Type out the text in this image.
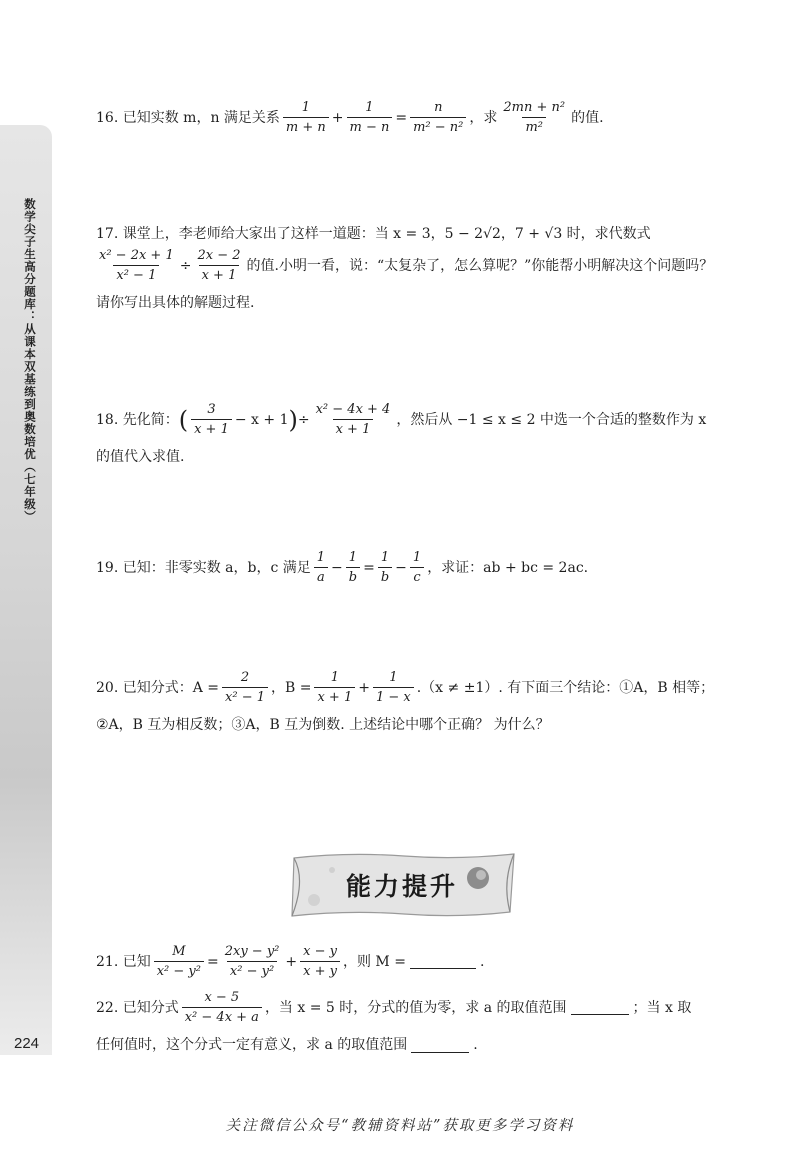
数学尖子生高分题库：从课本双基练到奥数培优（七年级）
224
16. 已知实数 m，n 满足关系 $\frac{1}{m + n} + \frac{1}{m - n} = \frac{n}{\text{m² − n²}}$ ，求 $\frac{\text{2mn + n²}}{\text{m²}}$ 的值.
17. 课堂上，李老师给大家出了这样一道题：当 x = 3，5 − 2√2，7 + √3 时，求代数式
$\frac{\text{x² − 2x + 1}}{\text{x² − 1}} \div \frac{2x - 2}{x + 1}$ 的值.小明一看，说：“太复杂了，怎么算呢？”你能帮小明解决这个问题吗？
请你写出具体的解题过程.
18. 先化简： ( $\frac{3}{x + 1} - x + 1$ ) ÷ $\frac{\text{x² − 4x + 4}}{x + 1}$ ，然后从 −1 ≤ x ≤ 2 中选一个合适的整数作为 x
的值代入求值.
19. 已知：非零实数 a，b，c 满足 $\frac{1}{a} - \frac{1}{b} = \frac{1}{b} - \frac{1}{c}$ ，求证：ab + bc = 2ac.
20. 已知分式：$A = \frac{2}{\text{x² − 1}}$ ，$B = \frac{1}{x + 1} + \frac{1}{1 - x} .(x \ne \pm 1)$. 有下面三个结论：①A，B 相等；
②A，B 互为相反数；③A，B 互为倒数. 上述结论中哪个正确？ 为什么？
能力提升
21. 已知 $\frac{M}{\text{x² − y²}} = \frac{\text{2xy − y²}}{\text{x² − y²}} + \frac{x - y}{x + y}$ ，则 M =	.
22. 已知分式 $\frac{x - 5}{\text{x² − 4x + a}}$ ，当 x = 5 时，分式的值为零，求 a 的取值范围	；当 x 取
任何值时，这个分式一定有意义，求 a 的取值范围	.
关注微信公众号“教辅资料站”获取更多学习资料
